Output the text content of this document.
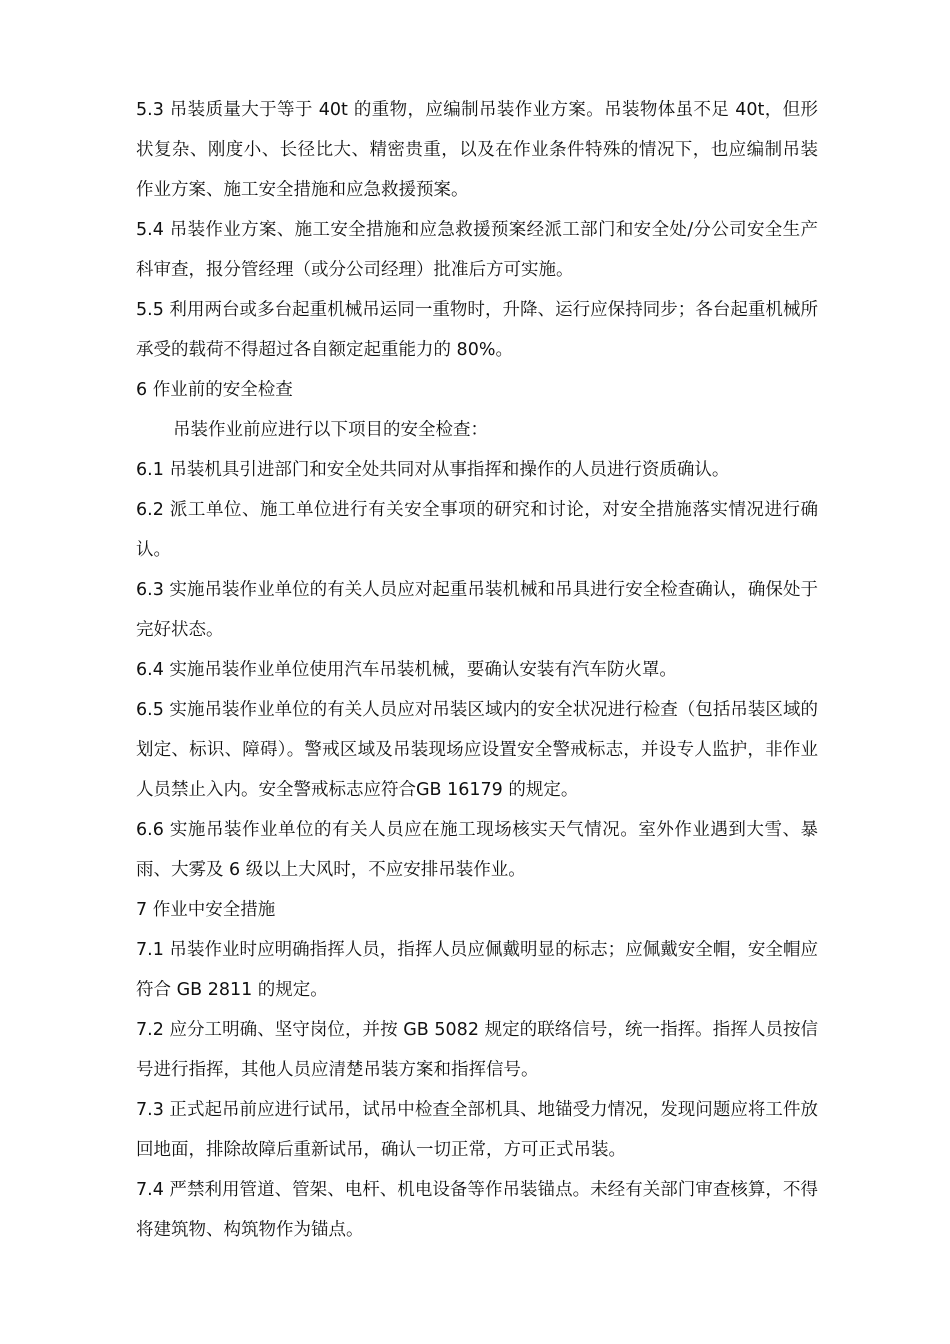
5.3 吊装质量大于等于 40t 的重物，应编制吊装作业方案。吊装物体虽不足 40t，但形状复杂、刚度小、长径比大、精密贵重，以及在作业条件特殊的情况下，也应编制吊装作业方案、施工安全措施和应急救援预案。

5.4 吊装作业方案、施工安全措施和应急救援预案经派工部门和安全处/分公司安全生产科审查，报分管经理（或分公司经理）批准后方可实施。

5.5 利用两台或多台起重机械吊运同一重物时，升降、运行应保持同步；各台起重机械所承受的载荷不得超过各自额定起重能力的 80%。

6 作业前的安全检查

吊装作业前应进行以下项目的安全检查：

6.1 吊装机具引进部门和安全处共同对从事指挥和操作的人员进行资质确认。

6.2 派工单位、施工单位进行有关安全事项的研究和讨论，对安全措施落实情况进行确认。

6.3 实施吊装作业单位的有关人员应对起重吊装机械和吊具进行安全检查确认，确保处于完好状态。

6.4 实施吊装作业单位使用汽车吊装机械，要确认安装有汽车防火罩。

6.5 实施吊装作业单位的有关人员应对吊装区域内的安全状况进行检查（包括吊装区域的划定、标识、障碍）。警戒区域及吊装现场应设置安全警戒标志，并设专人监护，非作业人员禁止入内。安全警戒标志应符合GB 16179 的规定。

6.6 实施吊装作业单位的有关人员应在施工现场核实天气情况。室外作业遇到大雪、暴雨、大雾及 6 级以上大风时，不应安排吊装作业。

7 作业中安全措施

7.1 吊装作业时应明确指挥人员，指挥人员应佩戴明显的标志；应佩戴安全帽，安全帽应符合 GB 2811 的规定。

7.2 应分工明确、坚守岗位，并按 GB 5082 规定的联络信号，统一指挥。指挥人员按信号进行指挥，其他人员应清楚吊装方案和指挥信号。

7.3 正式起吊前应进行试吊，试吊中检查全部机具、地锚受力情况，发现问题应将工件放回地面，排除故障后重新试吊，确认一切正常，方可正式吊装。

7.4 严禁利用管道、管架、电杆、机电设备等作吊装锚点。未经有关部门审查核算，不得将建筑物、构筑物作为锚点。
